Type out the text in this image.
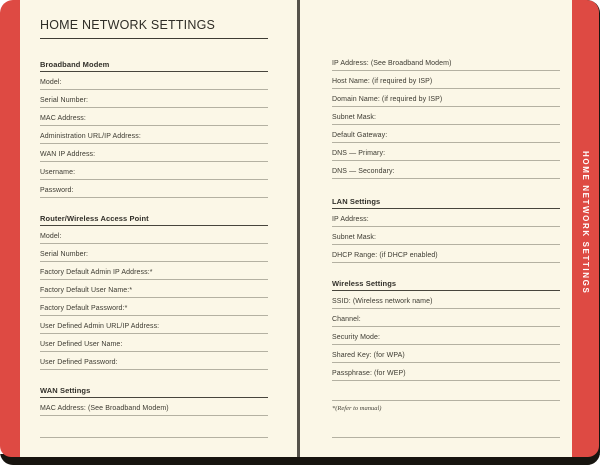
HOME NETWORK SETTINGS
Broadband Modem
Model:
Serial Number:
MAC Address:
Administration URL/IP Address:
WAN IP Address:
Username:
Password:
Router/Wireless Access Point
Model:
Serial Number:
Factory Default Admin IP Address:*
Factory Default User Name:*
Factory Default Password:*
User Defined Admin URL/IP Address:
User Defined User Name:
User Defined Password:
WAN Settings
MAC Address: (See Broadband Modem)
IP Address: (See Broadband Modem)
Host Name: (if required by ISP)
Domain Name: (if required by ISP)
Subnet Mask:
Default Gateway:
DNS — Primary:
DNS — Secondary:
LAN Settings
IP Address:
Subnet Mask:
DHCP Range: (if DHCP enabled)
Wireless Settings
SSID: (Wireless network name)
Channel:
Security Mode:
Shared Key: (for WPA)
Passphrase: (for WEP)
*(Refer to manual)
HOME NETWORK SETTINGS
